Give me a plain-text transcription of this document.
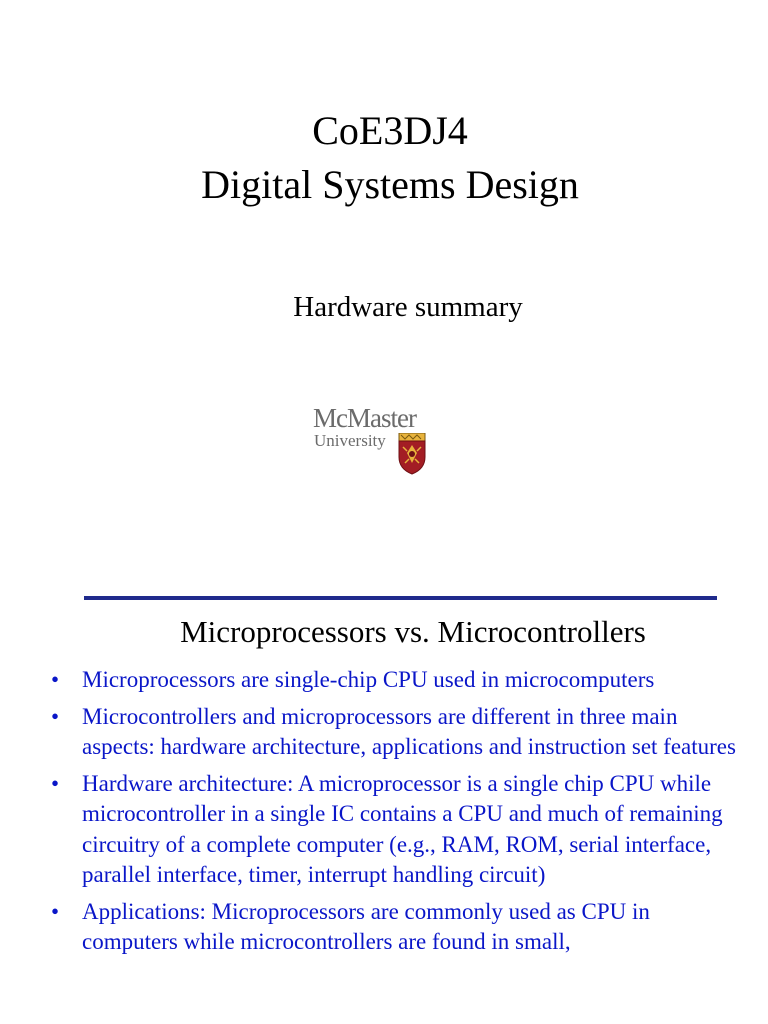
CoE3DJ4
Digital Systems Design
Hardware summary
McMaster
University
Microprocessors vs. Microcontrollers
• Microprocessors are single-chip CPU used in microcomputers
• Microcontrollers and microprocessors are different in three main aspects: hardware architecture, applications and instruction set features
• Hardware architecture: A microprocessor is a single chip CPU while microcontroller in a single IC contains a CPU and much of remaining circuitry of a complete computer (e.g., RAM, ROM, serial interface, parallel interface, timer, interrupt handling circuit)
• Applications: Microprocessors are commonly used as CPU in computers while microcontrollers are found in small,
